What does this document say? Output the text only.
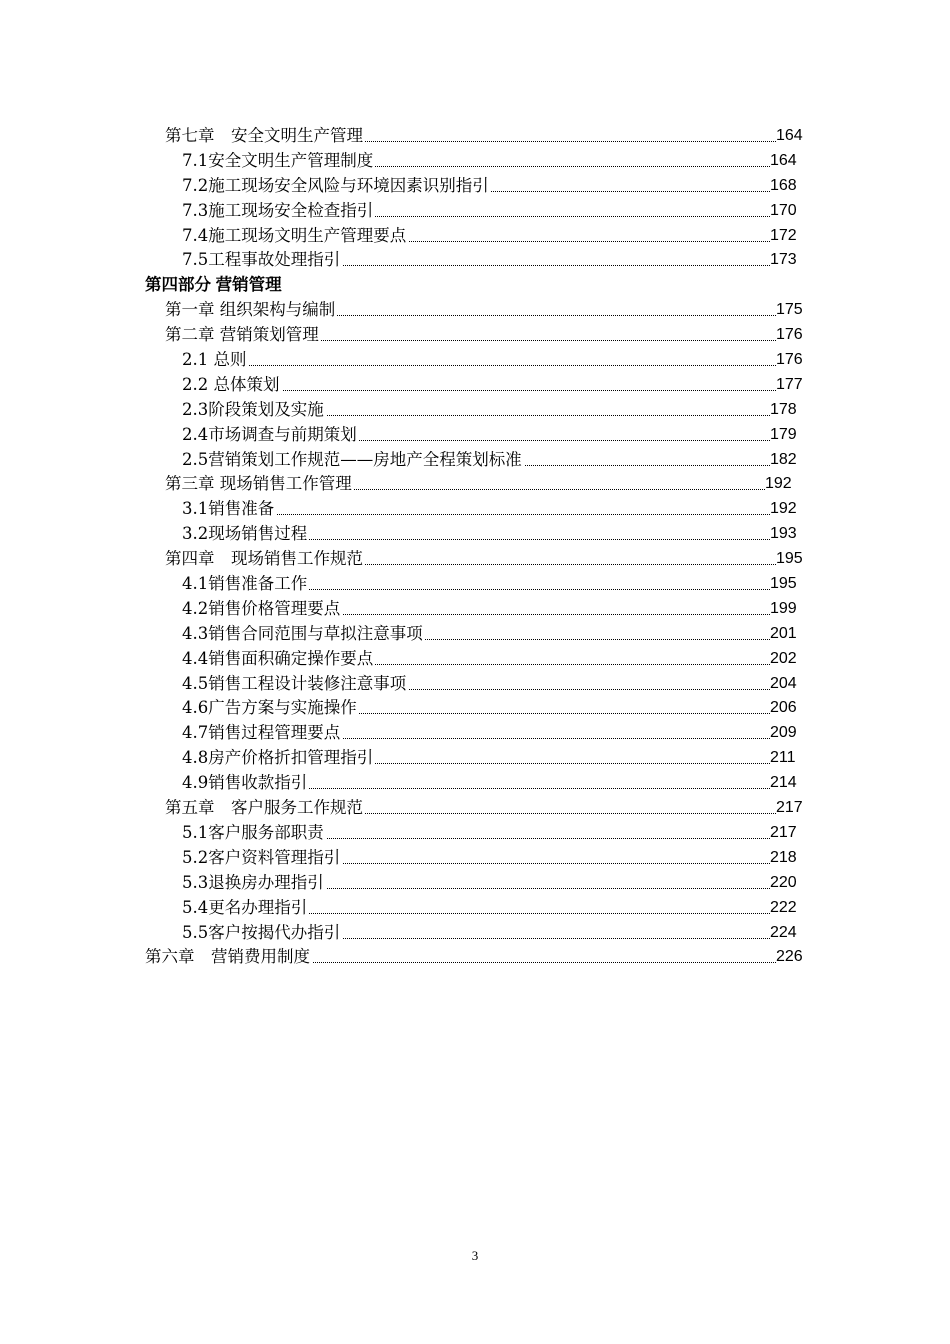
第七章　安全文明生产管理	164
7.1安全文明生产管理制度	164
7.2施工现场安全风险与环境因素识别指引	168
7.3施工现场安全检查指引	170
7.4施工现场文明生产管理要点	172
7.5工程事故处理指引	173
第四部分 营销管理
第一章 组织架构与编制	175
第二章 营销策划管理	176
2.1 总则	176
2.2 总体策划	177
2.3阶段策划及实施	178
2.4市场调查与前期策划	179
2.5营销策划工作规范——房地产全程策划标准	182
第三章 现场销售工作管理	192
3.1销售准备	192
3.2现场销售过程	193
第四章　现场销售工作规范	195
4.1销售准备工作	195
4.2销售价格管理要点	199
4.3销售合同范围与草拟注意事项	201
4.4销售面积确定操作要点	202
4.5销售工程设计装修注意事项	204
4.6广告方案与实施操作	206
4.7销售过程管理要点	209
4.8房产价格折扣管理指引	211
4.9销售收款指引	214
第五章　客户服务工作规范	217
5.1客户服务部职责	217
5.2客户资料管理指引	218
5.3退换房办理指引	220
5.4更名办理指引	222
5.5客户按揭代办指引	224
第六章　营销费用制度	226
3
